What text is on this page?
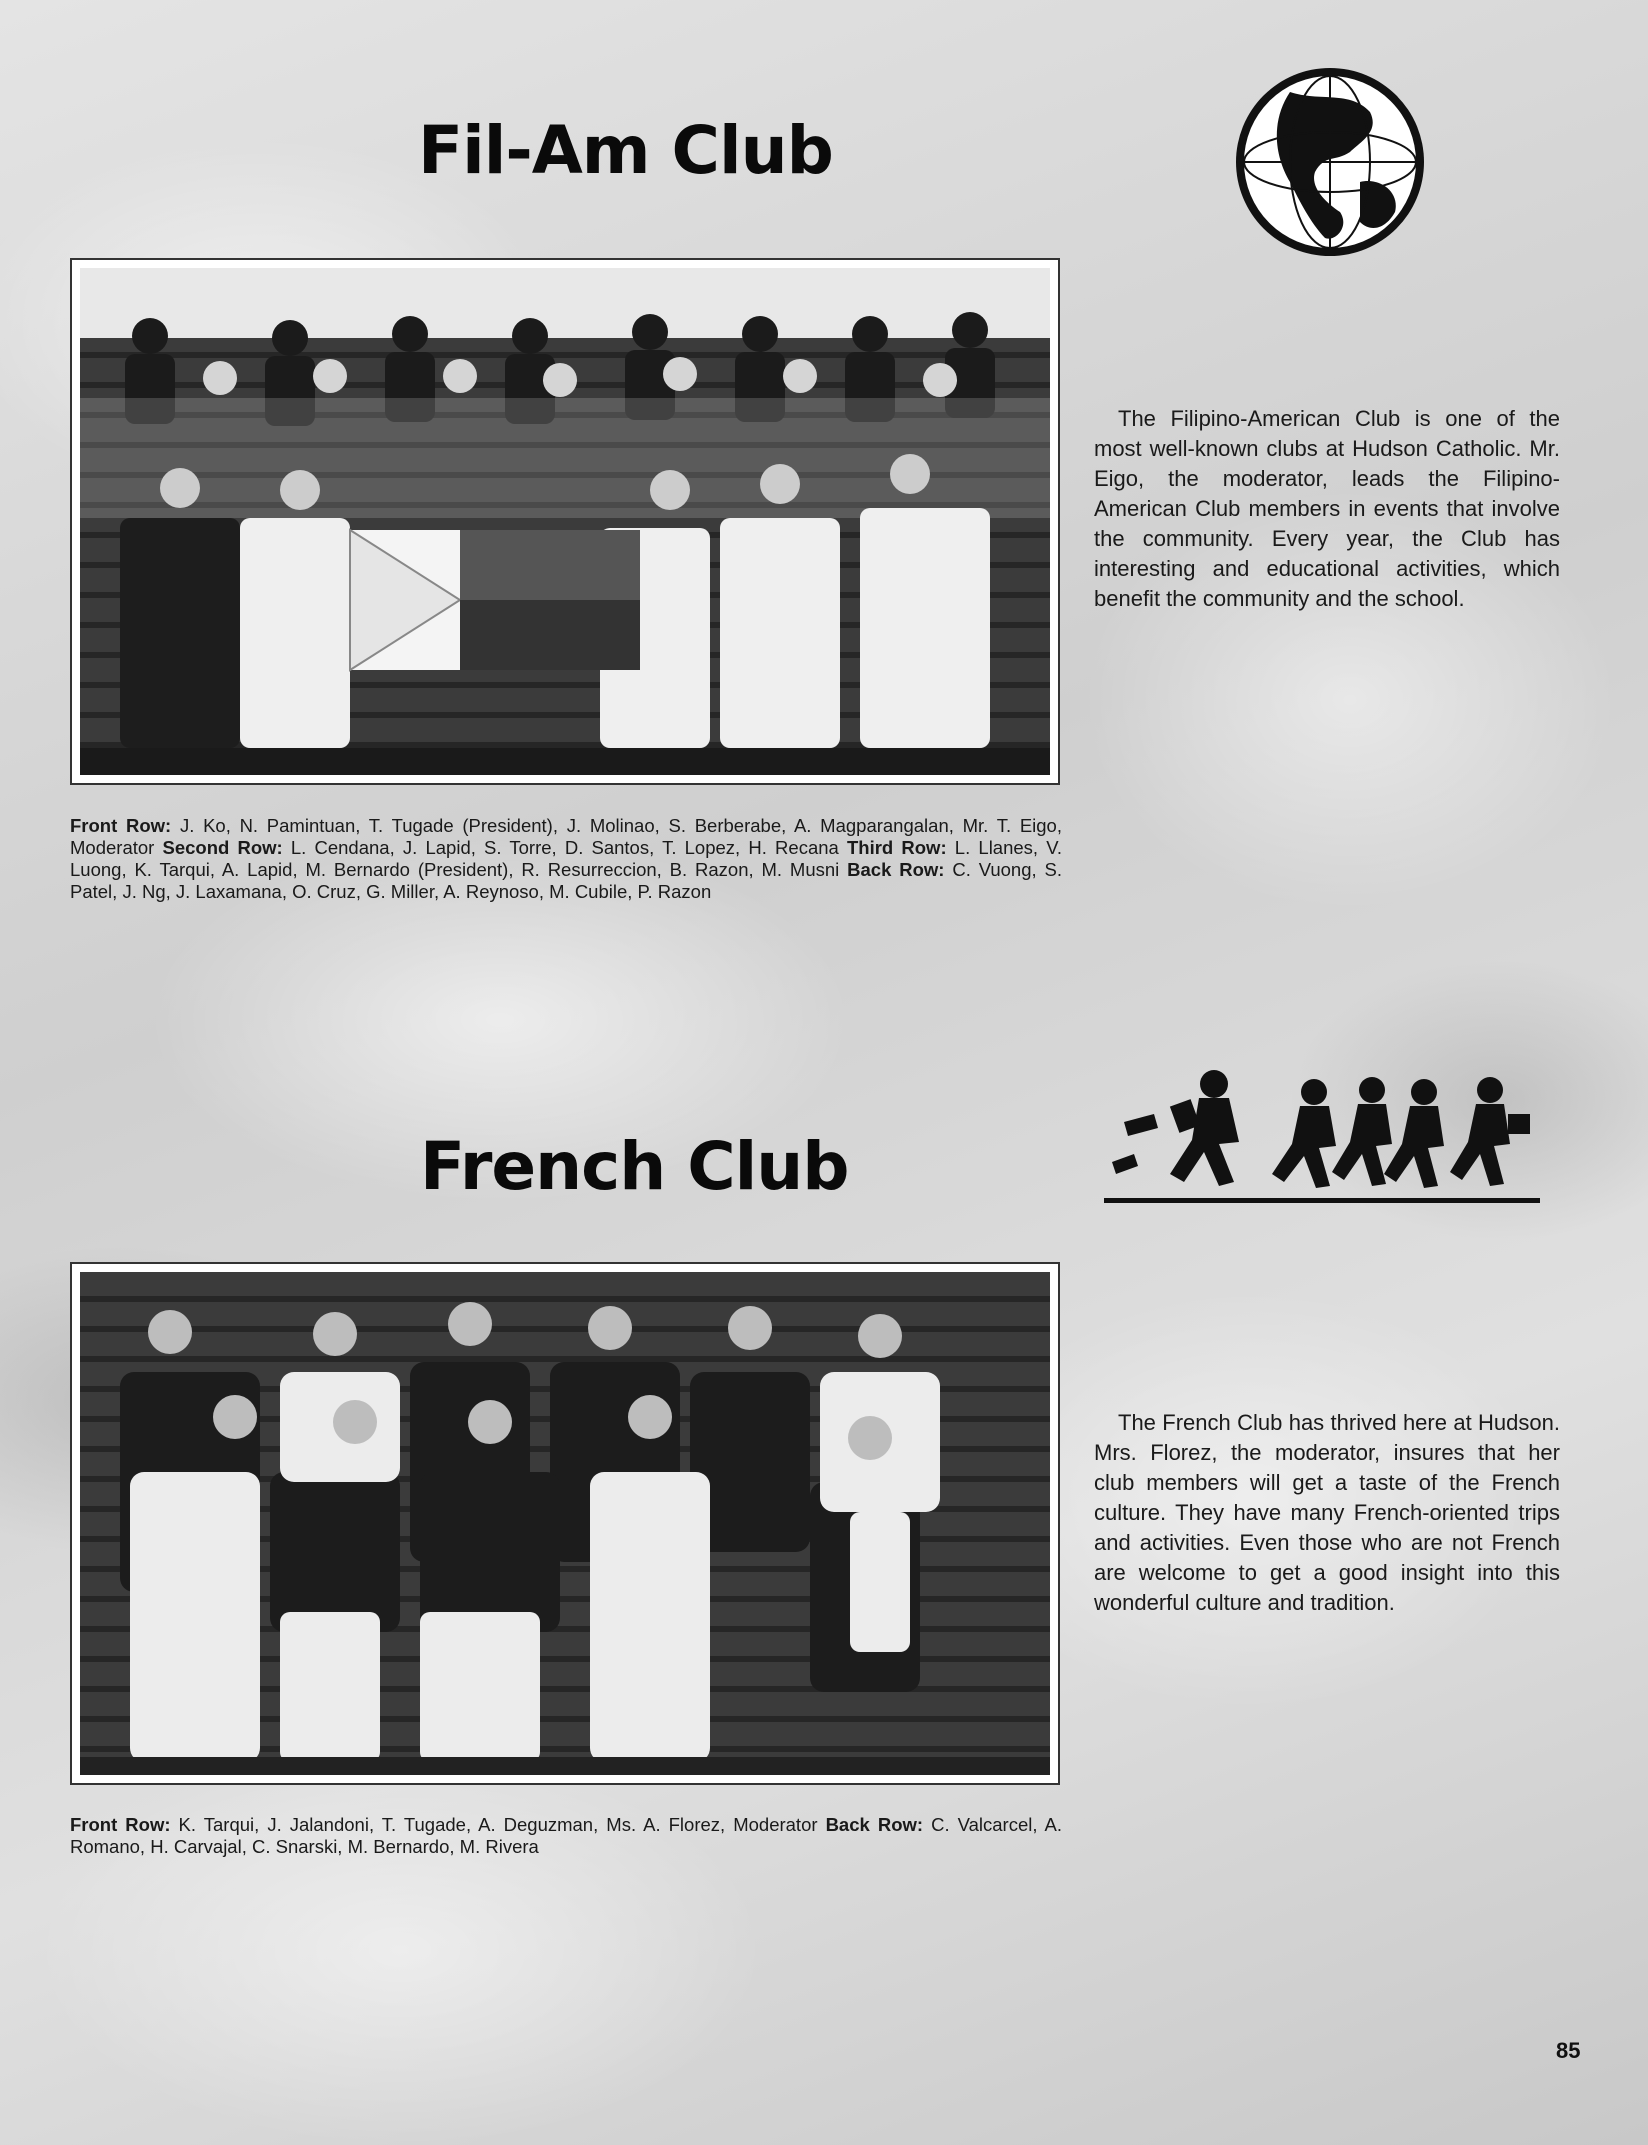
Fil-Am Club

Front Row: J. Ko, N. Pamintuan, T. Tugade (President), J. Molinao, S. Berberabe, A. Magparangalan, Mr. T. Eigo, Moderator Second Row: L. Cendana, J. Lapid, S. Torre, D. Santos, T. Lopez, H. Recana Third Row: L. Llanes, V. Luong, K. Tarqui, A. Lapid, M. Bernardo (President), R. Resurreccion, B. Razon, M. Musni Back Row: C. Vuong, S. Patel, J. Ng, J. Laxamana, O. Cruz, G. Miller, A. Reynoso, M. Cubile, P. Razon

The Filipino-American Club is one of the most well-known clubs at Hudson Catholic. Mr. Eigo, the moderator, leads the Filipino-American Club members in events that involve the community. Every year, the Club has interesting and educational activities, which benefit the community and the school.

French Club

Front Row: K. Tarqui, J. Jalandoni, T. Tugade, A. Deguzman, Ms. A. Florez, Moderator Back Row: C. Valcarcel, A. Romano, H. Carvajal, C. Snarski, M. Bernardo, M. Rivera

The French Club has thrived here at Hudson. Mrs. Florez, the moderator, insures that her club members will get a taste of the French culture. They have many French-oriented trips and activities. Even those who are not French are welcome to get a good insight into this wonderful culture and tradition.

85
